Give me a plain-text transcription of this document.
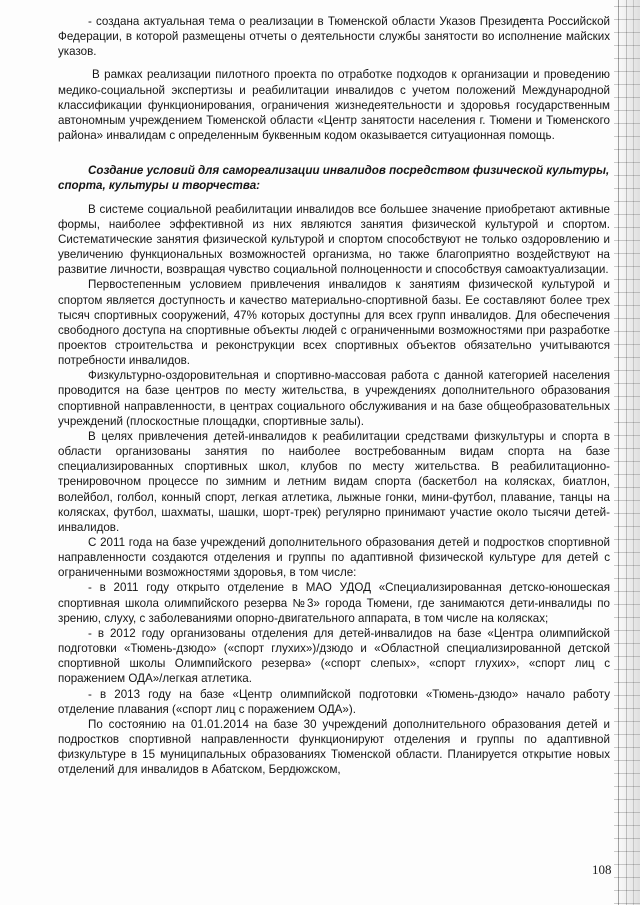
- создана актуальная тема о реализации в Тюменской области Указов Президента Российской Федерации, в которой размещены отчеты о деятельности службы занятости во исполнение майских указов.

В рамках реализации пилотного проекта по отработке подходов к организации и проведению медико-социальной экспертизы и реабилитации инвалидов с учетом положений Международной классификации функционирования, ограничения жизнедеятельности и здоровья государственным автономным учреждением Тюменской области «Центр занятости населения г. Тюмени и Тюменского района» инвалидам с определенным буквенным кодом оказывается ситуационная помощь.

Создание условий для самореализации инвалидов посредством физической культуры, спорта, культуры и творчества:

В системе социальной реабилитации инвалидов все большее значение приобретают активные формы, наиболее эффективной из них являются занятия физической культурой и спортом. Систематические занятия физической культурой и спортом способствуют не только оздоровлению и увеличению функциональных возможностей организма, но также благоприятно воздействуют на развитие личности, возвращая чувство социальной полноценности и способствуя самоактуализации.

Первостепенным условием привлечения инвалидов к занятиям физической культурой и спортом является доступность и качество материально-спортивной базы. Ее составляют более трех тысяч спортивных сооружений, 47% которых доступны для всех групп инвалидов. Для обеспечения свободного доступа на спортивные объекты людей с ограниченными возможностями при разработке проектов строительства и реконструкции всех спортивных объектов обязательно учитываются потребности инвалидов.

Физкультурно-оздоровительная и спортивно-массовая работа с данной категорией населения проводится на базе центров по месту жительства, в учреждениях дополнительного образования спортивной направленности, в центрах социального обслуживания и на базе общеобразовательных учреждений (плоскостные площадки, спортивные залы).

В целях привлечения детей-инвалидов к реабилитации средствами физкультуры и спорта в области организованы занятия по наиболее востребованным видам спорта на базе специализированных спортивных школ, клубов по месту жительства. В реабилитационно-тренировочном процессе по зимним и летним видам спорта (баскетбол на колясках, биатлон, волейбол, голбол, конный спорт, легкая атлетика, лыжные гонки, мини-футбол, плавание, танцы на колясках, футбол, шахматы, шашки, шорт-трек) регулярно принимают участие около тысячи детей-инвалидов.

С 2011 года на базе учреждений дополнительного образования детей и подростков спортивной направленности создаются отделения и группы по адаптивной физической культуре для детей с ограниченными возможностями здоровья, в том числе:

- в 2011 году открыто отделение в МАО УДОД «Специализированная детско-юношеская спортивная школа олимпийского резерва №3» города Тюмени, где занимаются дети-инвалиды по зрению, слуху, с заболеваниями опорно-двигательного аппарата, в том числе на колясках;

- в 2012 году организованы отделения для детей-инвалидов на базе «Центра олимпийской подготовки «Тюмень-дзюдо» («спорт глухих»)/дзюдо и «Областной специализированной детской спортивной школы Олимпийского резерва» («спорт слепых», «спорт глухих», «спорт лиц с поражением ОДА»/легкая атлетика.

- в 2013 году на базе «Центр олимпийской подготовки «Тюмень-дзюдо» начало работу отделение плавания («спорт лиц с поражением ОДА»).

По состоянию на 01.01.2014 на базе 30 учреждений дополнительного образования детей и подростков спортивной направленности функционируют отделения и группы по адаптивной физкультуре в 15 муниципальных образованиях Тюменской области. Планируется открытие новых отделений для инвалидов в Абатском, Бердюжском,

108
